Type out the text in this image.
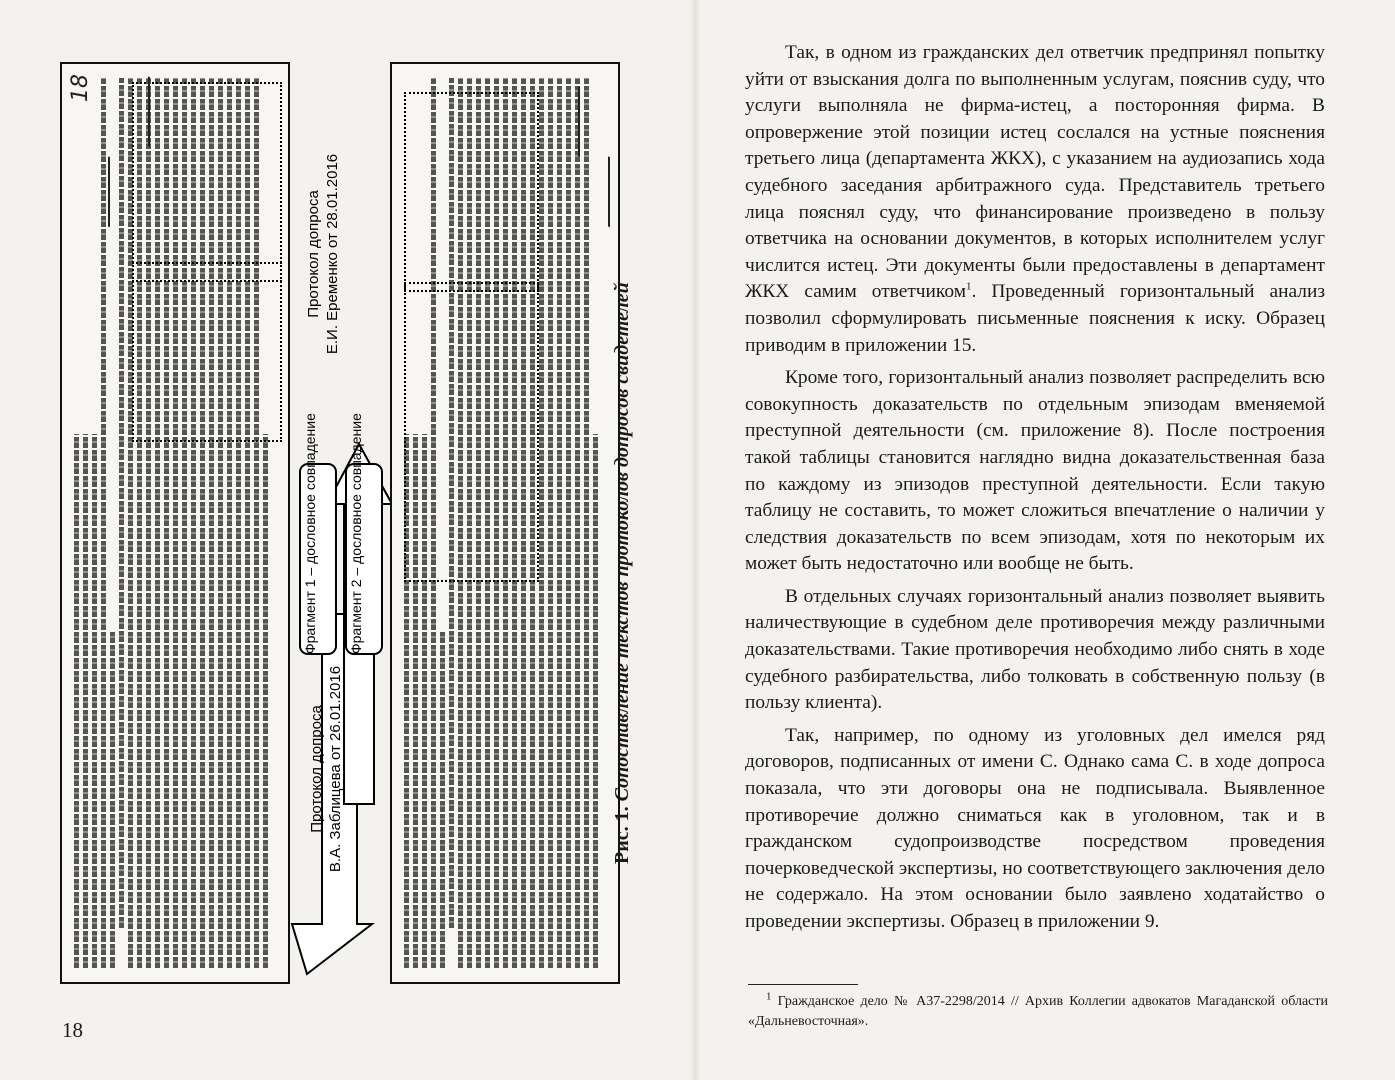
18
Протокол допроса В.А. Заблицева от 26.01.2016
Фрагмент 1 – дословное совпадение
Фрагмент 2 – дословное совпадение
Протокол допроса Е.И. Еременко от 28.01.2016
Рис. 1. Сопоставление текстов протоколов допросов свидетелей
18

Так, в одном из гражданских дел ответчик предпринял попытку уйти от взыскания долга по выполненным услугам, пояснив суду, что услуги выполняла не фирма-истец, а посторонняя фирма. В опровержение этой позиции истец сослался на устные пояснения третьего лица (департамента ЖКХ), с указанием на аудиозапись хода судебного заседания арбитражного суда. Представитель третьего лица пояснял суду, что финансирование произведено в пользу ответчика на основании документов, в которых исполнителем услуг числится истец. Эти документы были предоставлены в департамент ЖКХ самим ответчиком$^1$. Проведенный горизонтальный анализ позволил сформулировать письменные пояснения к иску. Образец приводим в приложении 15.

Кроме того, горизонтальный анализ позволяет распределить всю совокупность доказательств по отдельным эпизодам вменяемой преступной деятельности (см. приложение 8). После построения такой таблицы становится наглядно видна доказательственная база по каждому из эпизодов преступной деятельности. Если такую таблицу не составить, то может сложиться впечатление о наличии у следствия доказательств по всем эпизодам, хотя по некоторым их может быть недостаточно или вообще не быть.

В отдельных случаях горизонтальный анализ позволяет выявить наличествующие в судебном деле противоречия между различными доказательствами. Такие противоречия необходимо либо снять в ходе судебного разбирательства, либо толковать в собственную пользу (в пользу клиента).

Так, например, по одному из уголовных дел имелся ряд договоров, подписанных от имени С. Однако сама С. в ходе допроса показала, что эти договоры она не подписывала. Выявленное противоречие должно сниматься как в уголовном, так и в гражданском судопроизводстве посредством проведения почерковедческой экспертизы, но соответствующего заключения дело не содержало. На этом основании было заявлено ходатайство о проведении экспертизы. Образец в приложении 9.

$^1$ Гражданское дело № А37-2298/2014 // Архив Коллегии адвокатов Магаданской области «Дальневосточная».
